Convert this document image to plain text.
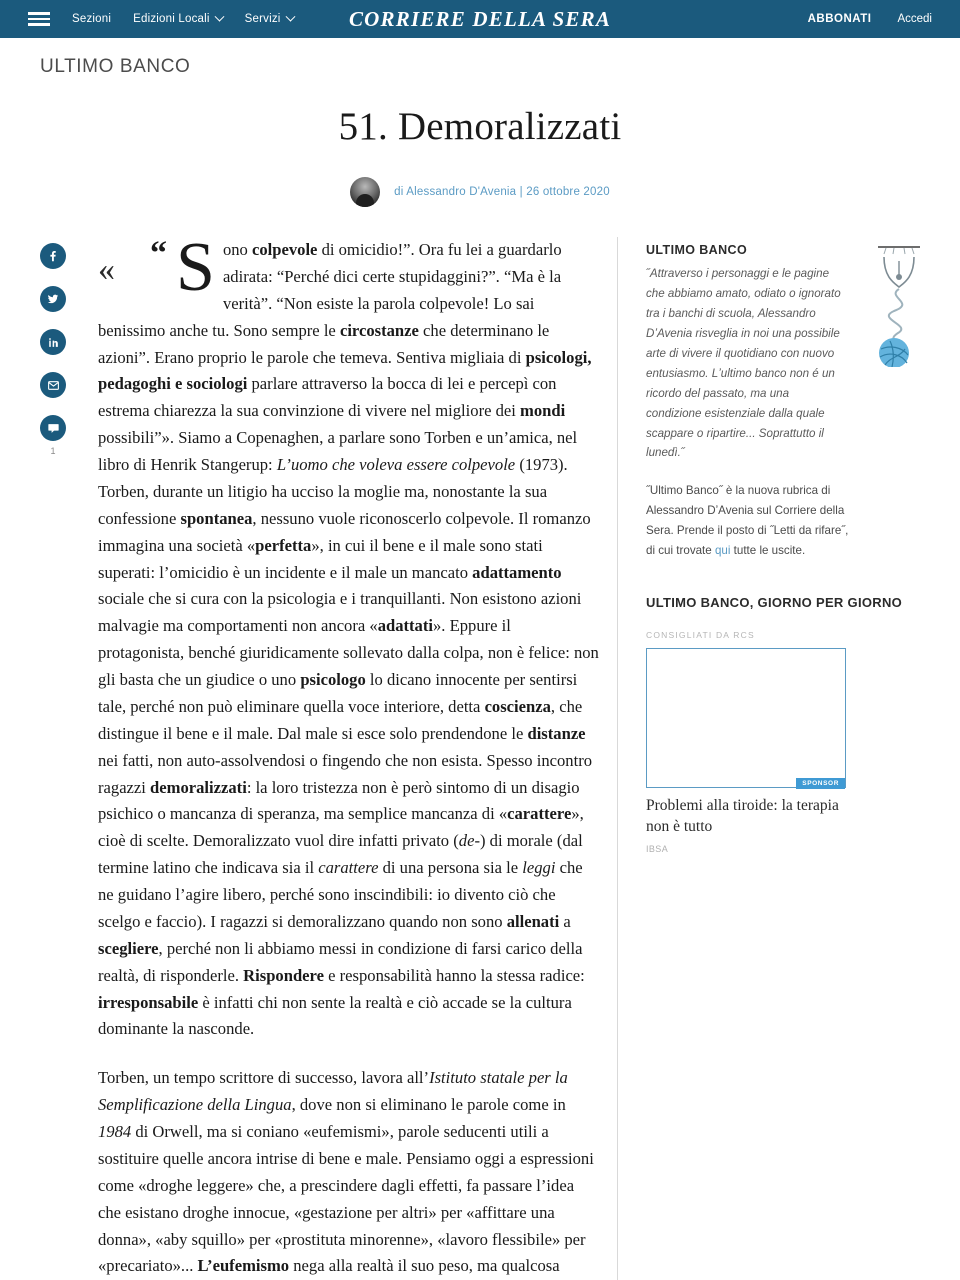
Sezioni Edizioni Locali	Servizi	CORRIERE DELLA SERA	ABBONATI Accedi
ULTIMO BANCO
51. Demoralizzati
di Alessandro D'Avenia | 26 ottobre 2020
1
« “ S ono colpevole di omicidio!”. Ora fu lei a guardarlo adirata: “Perché dici certe stupidaggini?”. “Ma è la verità”. “Non esiste la parola colpevole! Lo sai benissimo anche tu. Sono sempre le circostanze che determinano le azioni”. Erano proprio le parole che temeva. Sentiva migliaia di psicologi, pedagoghi e sociologi parlare attraverso la bocca di lei e percepì con estrema chiarezza la sua convinzione di vivere nel migliore dei mondi possibili”». Siamo a Copenaghen, a parlare sono Torben e un’amica, nel libro di Henrik Stangerup: L’uomo che voleva essere colpevole (1973). Torben, durante un litigio ha ucciso la moglie ma, nonostante la sua confessione spontanea, nessuno vuole riconoscerlo colpevole. Il romanzo immagina una società «perfetta», in cui il bene e il male sono stati superati: l’omicidio è un incidente e il male un mancato adattamento sociale che si cura con la psicologia e i tranquillanti. Non esistono azioni malvagie ma comportamenti non ancora «adattati». Eppure il protagonista, benché giuridicamente sollevato dalla colpa, non è felice: non gli basta che un giudice o uno psicologo lo dicano innocente per sentirsi tale, perché non può eliminare quella voce interiore, detta coscienza, che distingue il bene e il male. Dal male si esce solo prendendone le distanze nei fatti, non auto-assolvendosi o fingendo che non esista. Spesso incontro ragazzi demoralizzati: la loro tristezza non è però sintomo di un disagio psichico o mancanza di speranza, ma semplice mancanza di «carattere», cioè di scelte. Demoralizzato vuol dire infatti privato (de-) di morale (dal termine latino che indicava sia il carattere di una persona sia le leggi che ne guidano l’agire libero, perché sono inscindibili: io divento ciò che scelgo e faccio). I ragazzi si demoralizzano quando non sono allenati a scegliere, perché non li abbiamo messi in condizione di farsi carico della realtà, di risponderle. Rispondere e responsabilità hanno la stessa radice: irresponsabile è infatti chi non sente la realtà e ciò accade se la cultura dominante la nasconde.

Torben, un tempo scrittore di successo, lavora all’Istituto statale per la Semplificazione della Lingua, dove non si eliminano le parole come in 1984 di Orwell, ma si coniano «eufemismi», parole seducenti utili a sostituire quelle ancora intrise di bene e male. Pensiamo oggi a espressioni come «droghe leggere» che, a prescindere dagli effetti, fa passare l’idea che esistano droghe innocue, «gestazione per altri» per «affittare una donna», «aby squillo» per «prostituta minorenne», «lavoro flessibile» per «precariato»... L’eufemismo nega alla realtà il suo peso, ma qualcosa

ULTIMO BANCO
˝Attraverso i personaggi e le pagine che abbiamo amato, odiato o ignorato tra i banchi di scuola, Alessandro DʼAvenia risveglia in noi una possibile arte di vivere il quotidiano con nuovo entusiasmo. Lʼultimo banco non é un ricordo del passato, ma una condizione esistenziale dalla quale scappare o ripartire... Soprattutto il lunedì.˝
˝Ultimo Banco˝ è la nuova rubrica di Alessandro DʼAvenia sul Corriere della Sera. Prende il posto di ˝Letti da rifare˝, di cui trovate qui tutte le uscite.
ULTIMO BANCO, GIORNO PER GIORNO
CONSIGLIATI DA RCS
SPONSOR
Problemi alla tiroide: la terapia non è tutto
IBSA
